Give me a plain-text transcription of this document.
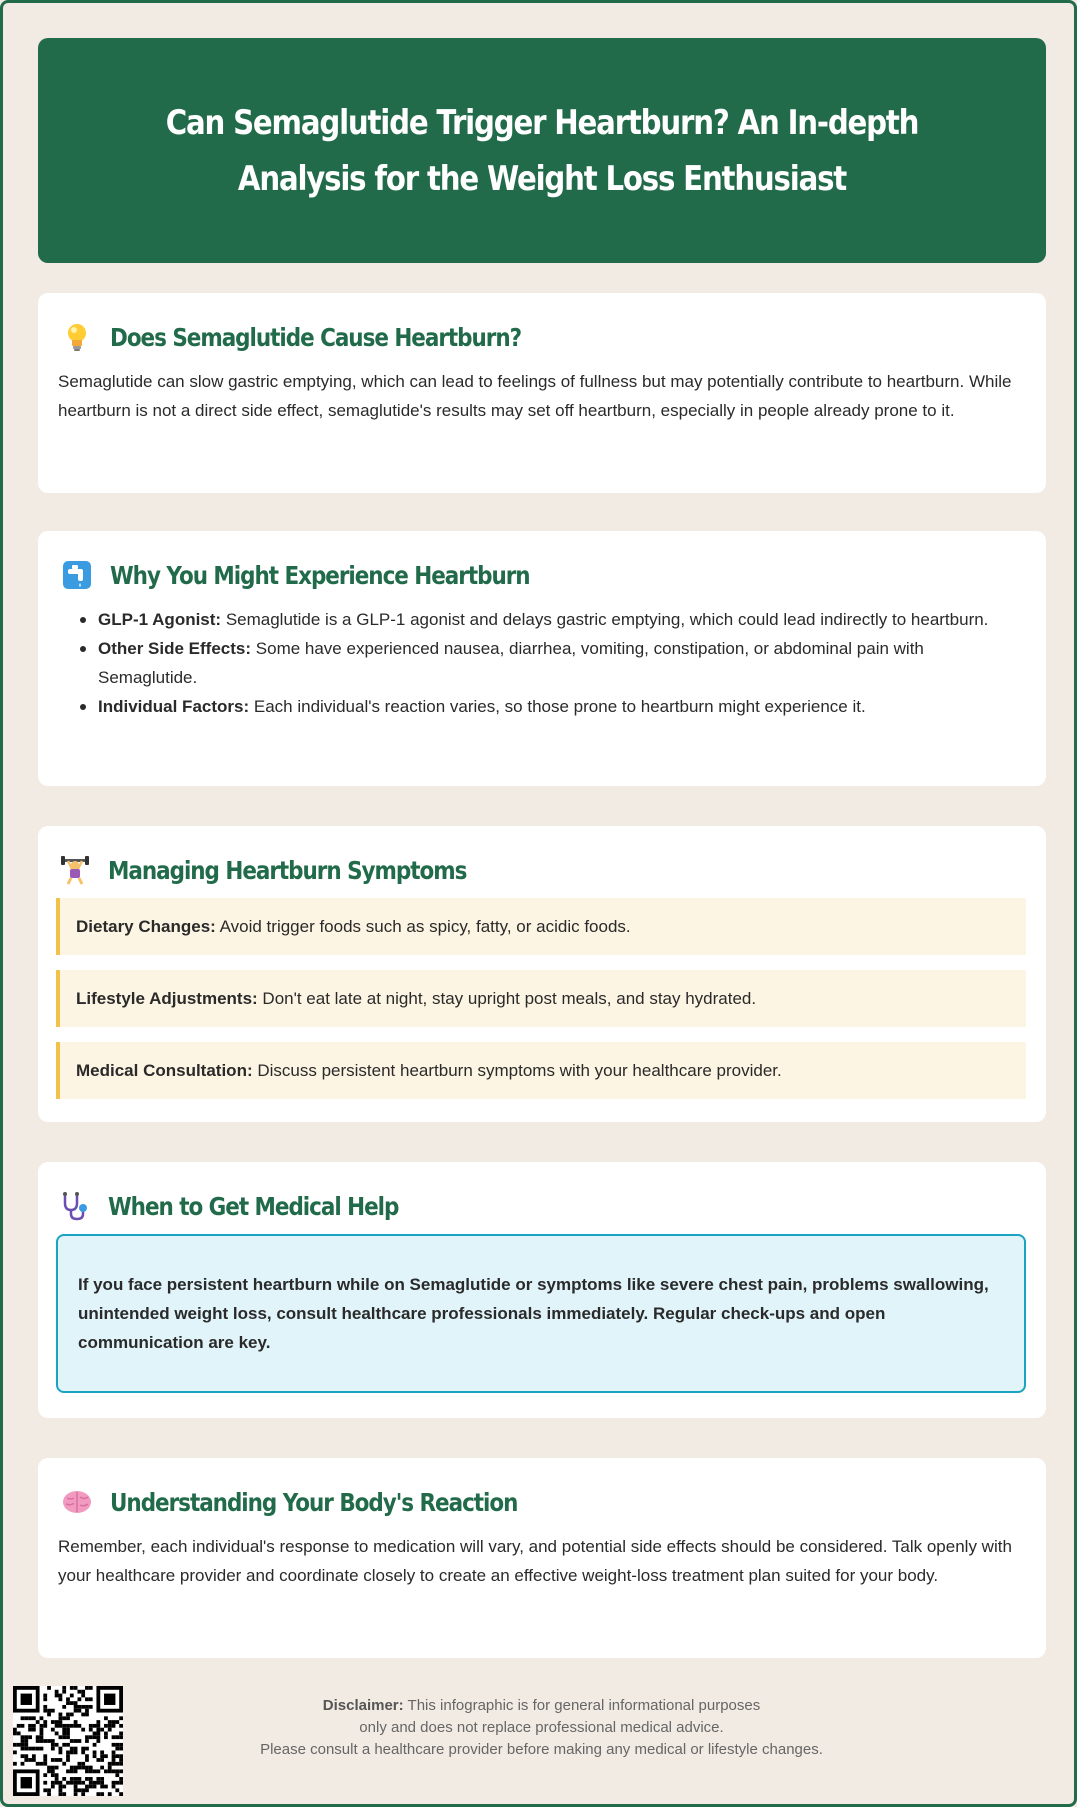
Can Semaglutide Trigger Heartburn? An In-depth Analysis for the Weight Loss Enthusiast
Does Semaglutide Cause Heartburn?

Semaglutide can slow gastric emptying, which can lead to feelings of fullness but may potentially contribute to heartburn. While heartburn is not a direct side effect, semaglutide's results may set off heartburn, especially in people already prone to it.

Why You Might Experience Heartburn
GLP-1 Agonist: Semaglutide is a GLP-1 agonist and delays gastric emptying, which could lead indirectly to heartburn.
Other Side Effects: Some have experienced nausea, diarrhea, vomiting, constipation, or abdominal pain with Semaglutide.
Individual Factors: Each individual's reaction varies, so those prone to heartburn might experience it.
Managing Heartburn Symptoms
Dietary Changes: Avoid trigger foods such as spicy, fatty, or acidic foods.
Lifestyle Adjustments: Don't eat late at night, stay upright post meals, and stay hydrated.
Medical Consultation: Discuss persistent heartburn symptoms with your healthcare provider.
When to Get Medical Help
If you face persistent heartburn while on Semaglutide or symptoms like severe chest pain, problems swallowing, unintended weight loss, consult healthcare professionals immediately. Regular check-ups and open communication are key.
Understanding Your Body's Reaction

Remember, each individual's response to medication will vary, and potential side effects should be considered. Talk openly with your healthcare provider and coordinate closely to create an effective weight-loss treatment plan suited for your body.

Disclaimer: This infographic is for general informational purposes
only and does not replace professional medical advice.
Please consult a healthcare provider before making any medical or lifestyle changes.
